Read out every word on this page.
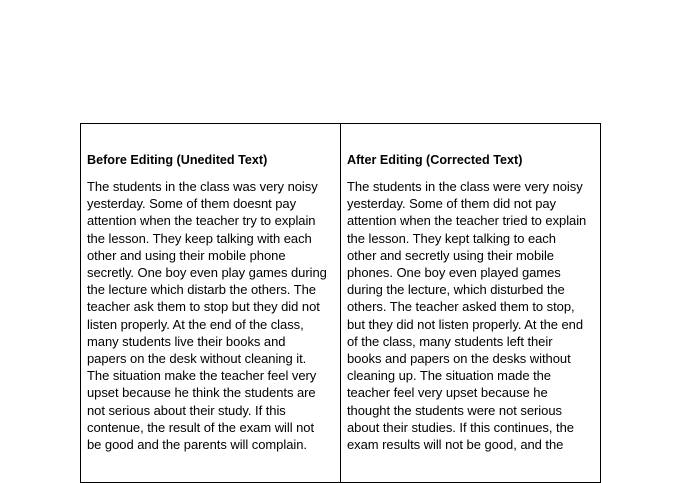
Before Editing (Unedited Text)
The students in the class was very noisy
yesterday. Some of them doesnt pay
attention when the teacher try to explain
the lesson. They keep talking with each
other and using their mobile phone
secretly. One boy even play games during
the lecture which distarb the others. The
teacher ask them to stop but they did not
listen properly. At the end of the class,
many students live their books and
papers on the desk without cleaning it.
The situation make the teacher feel very
upset because he think the students are
not serious about their study. If this
contenue, the result of the exam will not
be good and the parents will complain.
After Editing (Corrected Text)
The students in the class were very noisy
yesterday. Some of them did not pay
attention when the teacher tried to explain
the lesson. They kept talking to each
other and secretly using their mobile
phones. One boy even played games
during the lecture, which disturbed the
others. The teacher asked them to stop,
but they did not listen properly. At the end
of the class, many students left their
books and papers on the desks without
cleaning up. The situation made the
teacher feel very upset because he
thought the students were not serious
about their studies. If this continues, the
exam results will not be good, and the
